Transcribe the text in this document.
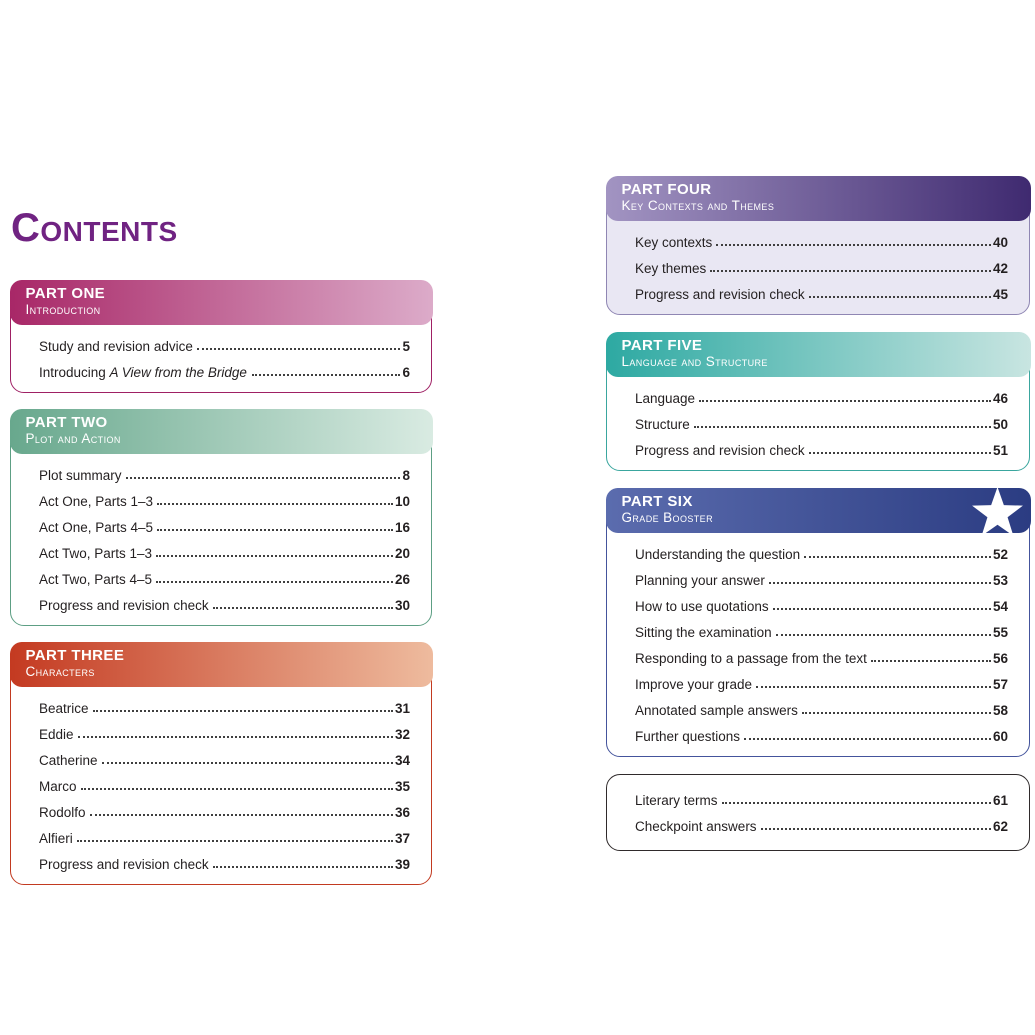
Contents
PART ONE
Introduction
Study and revision advice	5
Introducing A View from the Bridge	6
PART TWO
Plot and Action
Plot summary	8
Act One, Parts 1–3	10
Act One, Parts 4–5	16
Act Two, Parts 1–3	20
Act Two, Parts 4–5	26
Progress and revision check	30
PART THREE
Characters
Beatrice	31
Eddie	32
Catherine	34
Marco	35
Rodolfo	36
Alfieri	37
Progress and revision check	39
PART FOUR
Key Contexts and Themes
Key contexts	40
Key themes	42
Progress and revision check	45
PART FIVE
Language and Structure
Language	46
Structure	50
Progress and revision check	51
PART SIX
Grade Booster
Understanding the question	52
Planning your answer	53
How to use quotations	54
Sitting the examination	55
Responding to a passage from the text	56
Improve your grade	57
Annotated sample answers	58
Further questions	60
Literary terms	61
Checkpoint answers	62
